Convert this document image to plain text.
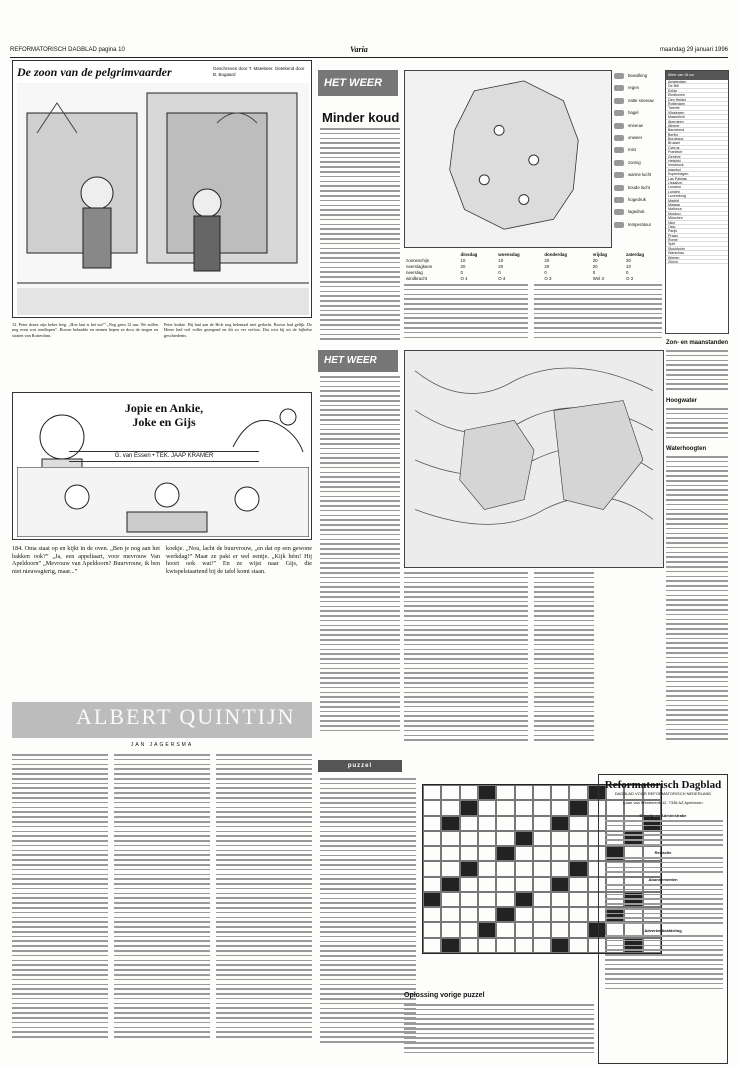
REFORMATORISCH DAGBLAD pagina 10	Varia	maandag 29 januari 1996
De zoon van de pelgrimvaarder	Geschreven door T. Matebeer. Getekend door B. Bogaard
12. Peter draait zijn beker leeg. „Hoe laat is het nu?” „Nog geen 12 uur. We zullen nog even wat rondlopen”. Brown belaadde en nemen liepen ze door de stegen en straten van Rotterdam.
Peter knikte. Hij had aan de Hofr nog helemaal niet gedacht. Brown had gelijk. De Heere had wel voller gezegend en dit zo ver verlost. Dat wist hij uit de bijbelse geschiedenis.
Jopie en Ankie,
Joke en Gijs
G. van Essen • TEK. JAAP KRAMER
184. Oma staat op en kijkt in de oven. „Ben je nog aan het bakken ook?” „Ja, een appeltaart, voor mevrouw Van Apeldoorn” „Mevrouw van Apeldoorn? Buurvrouw, ik ben niet nieuwsgierig, maar...”
koekje. „Nou, lacht de buurvrouw, „en dat op een gewone werkdag!” Maar ze pakt er wel eentje. „Kijk hém! Hij hoort ook wat!” En ze wijst naar Gijs, die kwispelstaartend bij de tafel komt staan.
ALBERT QUINTIJN
JAN JAGERSMA
HET WEER
Minder koud
bewolking
regen
natte sneeuw
hagel
sneeuw
onweer
mist
zonnig
warme lucht
koude lucht
hogedruk
lagedruk
temperatuur
Weer van 16 uur
Amsterdam
De Bilt
Eelde
Eindhoven
Den Helder
Rotterdam
Twente
Vlissingen
Maastricht
Aberdeen
Athene
Barcelona
Berlijn
Bordeaux
Brussel
Cyprus
Frankfurt
Genève
Helsinki
Innsbruck
Istanbul
Kopenhagen
Las Palmas
Lissabon
Locarno
Londen
Luxemburg
Madrid
Malaga
Mallorca
Moskou
München
Nice
Oslo
Parijs
Praag
Rome
Split
Stockholm
Warschau
Wenen
Zürich
	dinsdag	woensdag	donderdag	vrijdag	zaterdag
zonneschijn	10	10	20	20	30
neerslagkans	20	20	20	20	10
neerslag	0	0	0	0	0
windkracht	O 4	O 4	O 3	Wnl 3	O 3
HET WEER
Zon- en maanstanden
Hoogwater
Waterhoogten
puzzel
Oplossing vorige puzzel
Reformatorisch Dagblad
DAGBLAD VOOR REFORMATORISCH NEDERLAND
Laan van Westenenk 12, 7336 AZ Apeldoorn
Directie en Administratie
Redactie
Abonnementen
Advertentieafdeling
